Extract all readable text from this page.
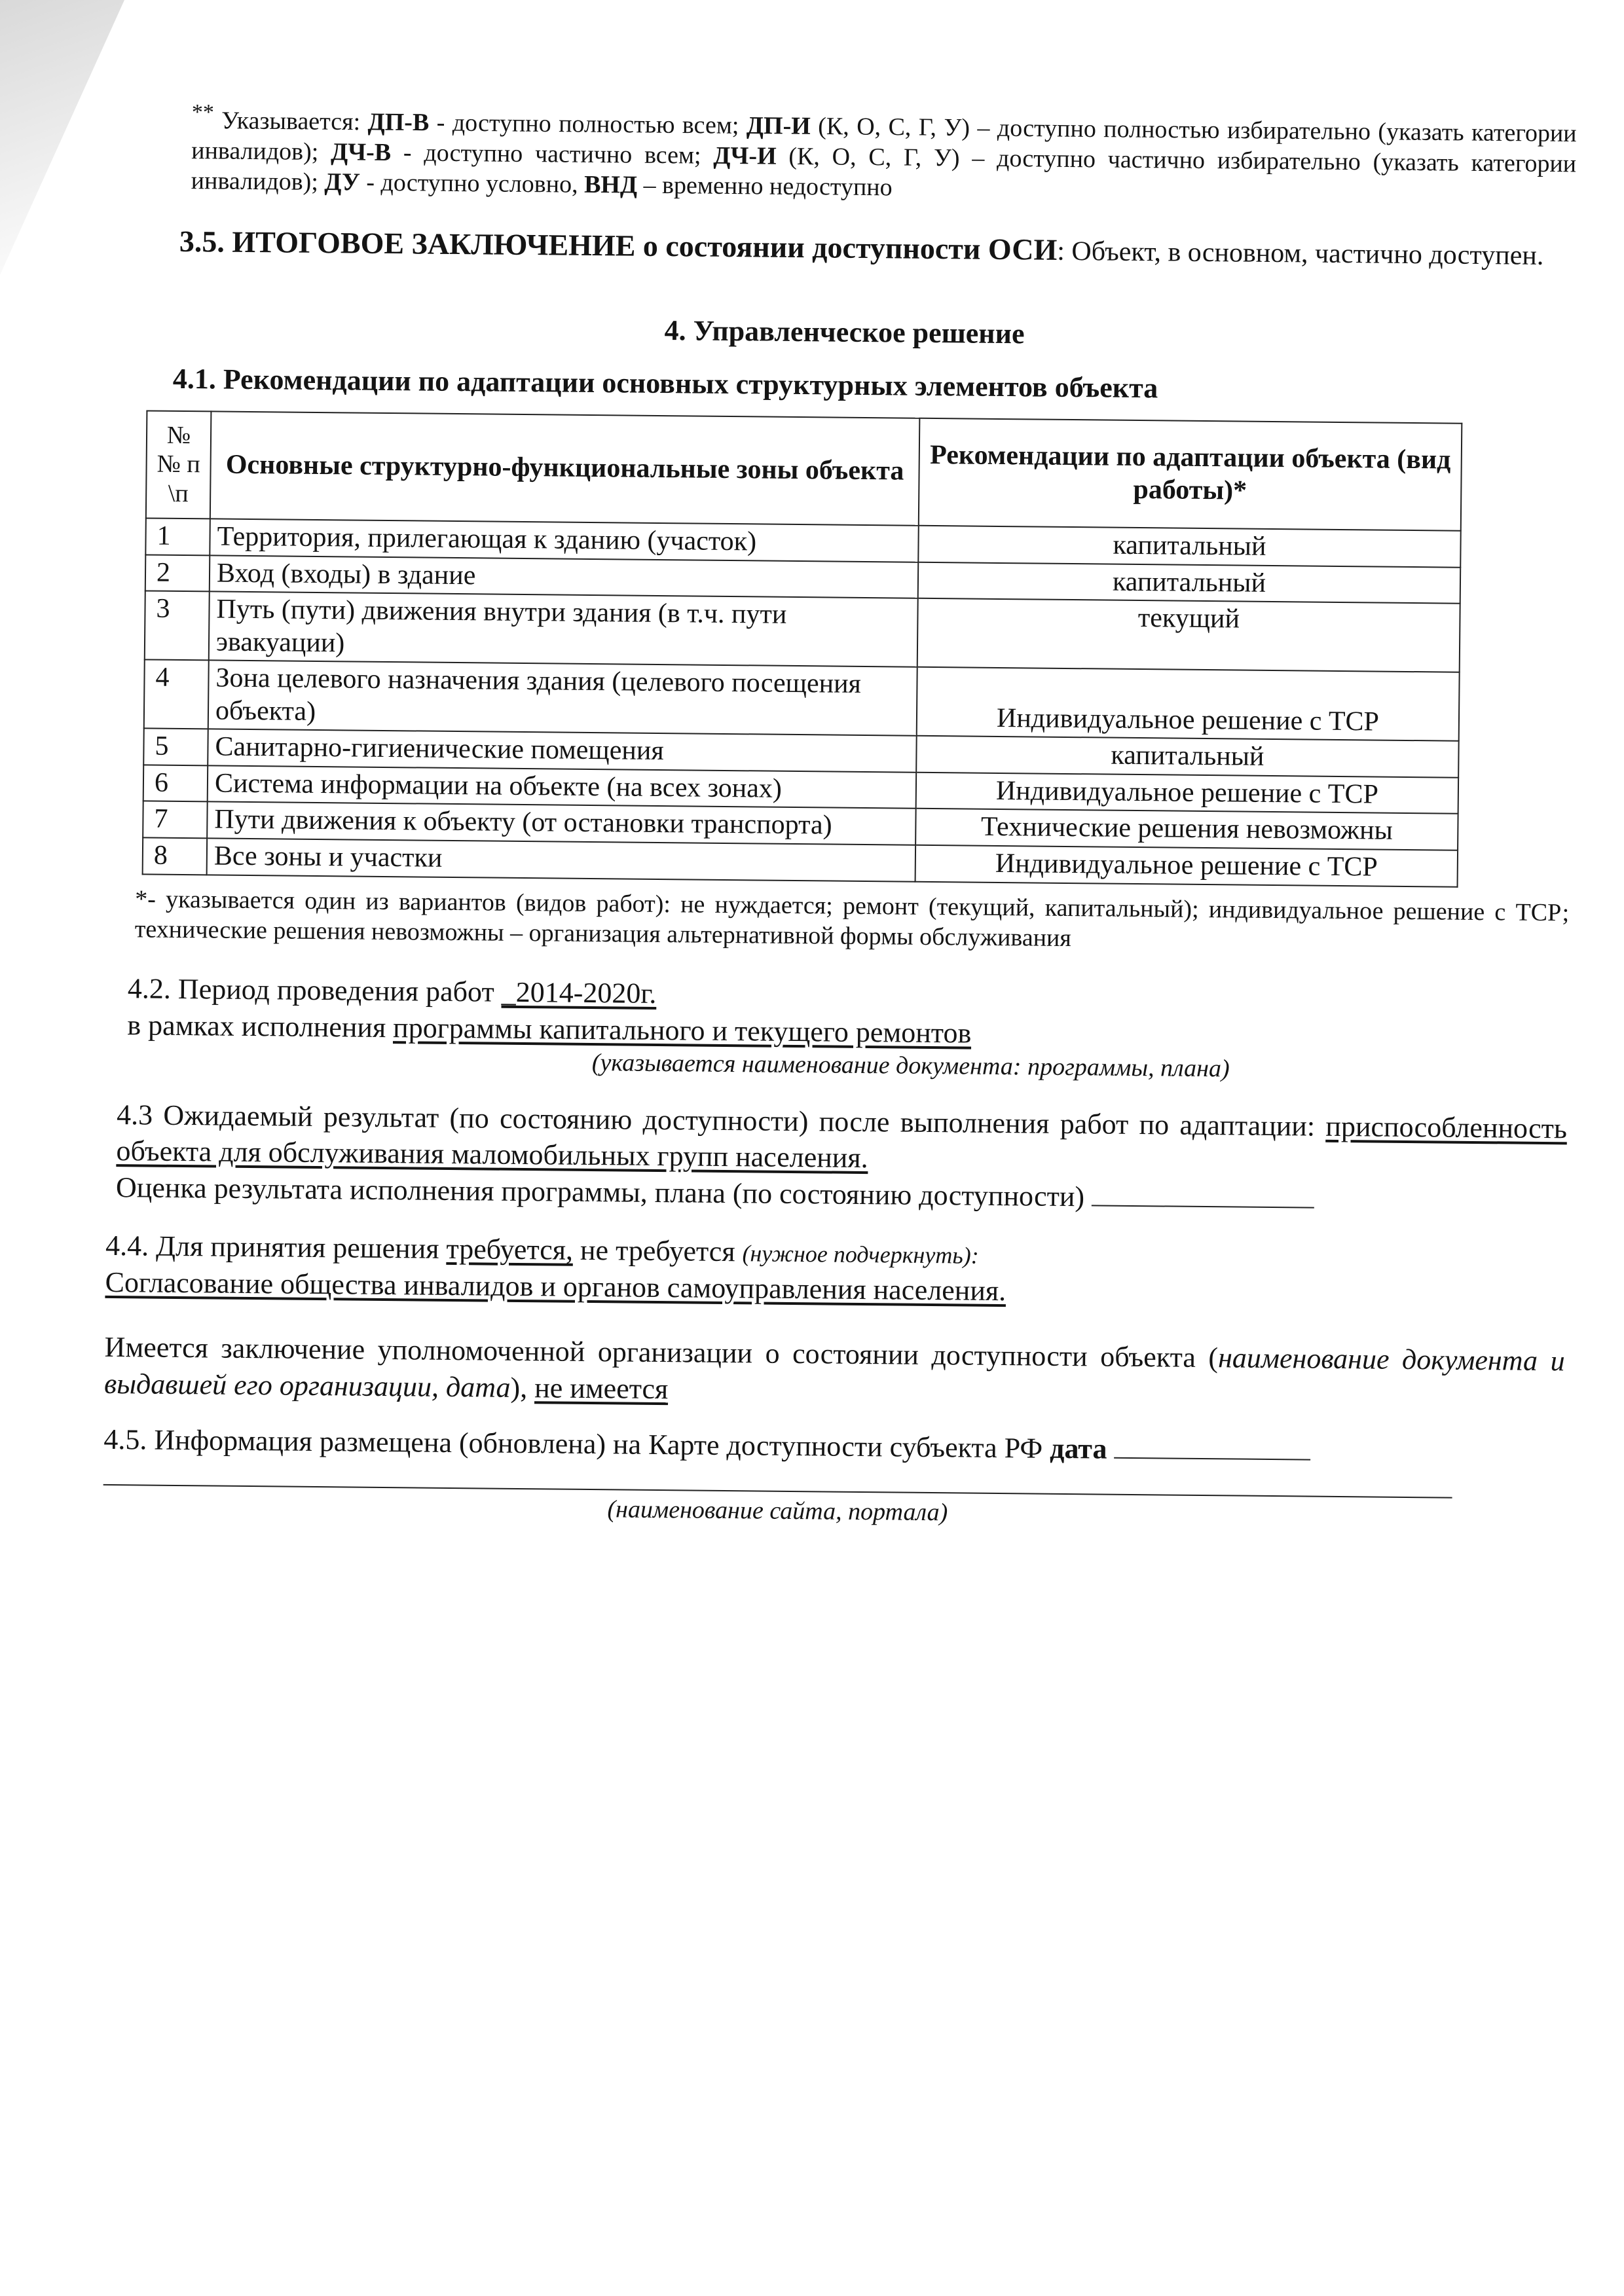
** Указывается: ДП-В - доступно полностью всем; ДП-И (К, О, С, Г, У) – доступно полностью избирательно (указать категории инвалидов); ДЧ-В - доступно частично всем; ДЧ-И (К, О, С, Г, У) – доступно частично избирательно (указать категории инвалидов); ДУ - доступно условно, ВНД – временно недоступно

3.5. ИТОГОВОЕ ЗАКЛЮЧЕНИЕ о состоянии доступности ОСИ: Объект, в основном, частично доступен.

4. Управленческое решение

4.1. Рекомендации по адаптации основных структурных элементов объекта

№ № п \п	Основные структурно-функциональные зоны объекта	Рекомендации по адаптации объекта (вид работы)*
1	Территория, прилегающая к зданию (участок)	капитальный
2	Вход (входы) в здание	капитальный
3	Путь (пути) движения внутри здания (в т.ч. пути эвакуации)	текущий
4	Зона целевого назначения здания (целевого посещения объекта)	Индивидуальное решение с ТСР
5	Санитарно-гигиенические помещения	капитальный
6	Система информации на объекте (на всех зонах)	Индивидуальное решение с ТСР
7	Пути движения к объекту (от остановки транспорта)	Технические решения невозможны
8	Все зоны и участки	Индивидуальное решение с ТСР

*- указывается один из вариантов (видов работ): не нуждается; ремонт (текущий, капитальный); индивидуальное решение с ТСР; технические решения невозможны – организация альтернативной формы обслуживания

4.2. Период проведения работ _2014-2020г.
в рамках исполнения программы капитального и текущего ремонтов

(указывается наименование документа: программы, плана)

4.3 Ожидаемый результат (по состоянию доступности) после выполнения работ по адаптации: приспособленность объекта для обслуживания маломобильных групп населения.
Оценка результата исполнения программы, плана (по состоянию доступности)

4.4. Для принятия решения требуется, не требуется (нужное подчеркнуть):
Согласование общества инвалидов и органов самоуправления населения.

Имеется заключение уполномоченной организации о состоянии доступности объекта (наименование документа и выдавшей его организации, дата), не имеется

4.5. Информация размещена (обновлена) на Карте доступности субъекта РФ дата

(наименование сайта, портала)
